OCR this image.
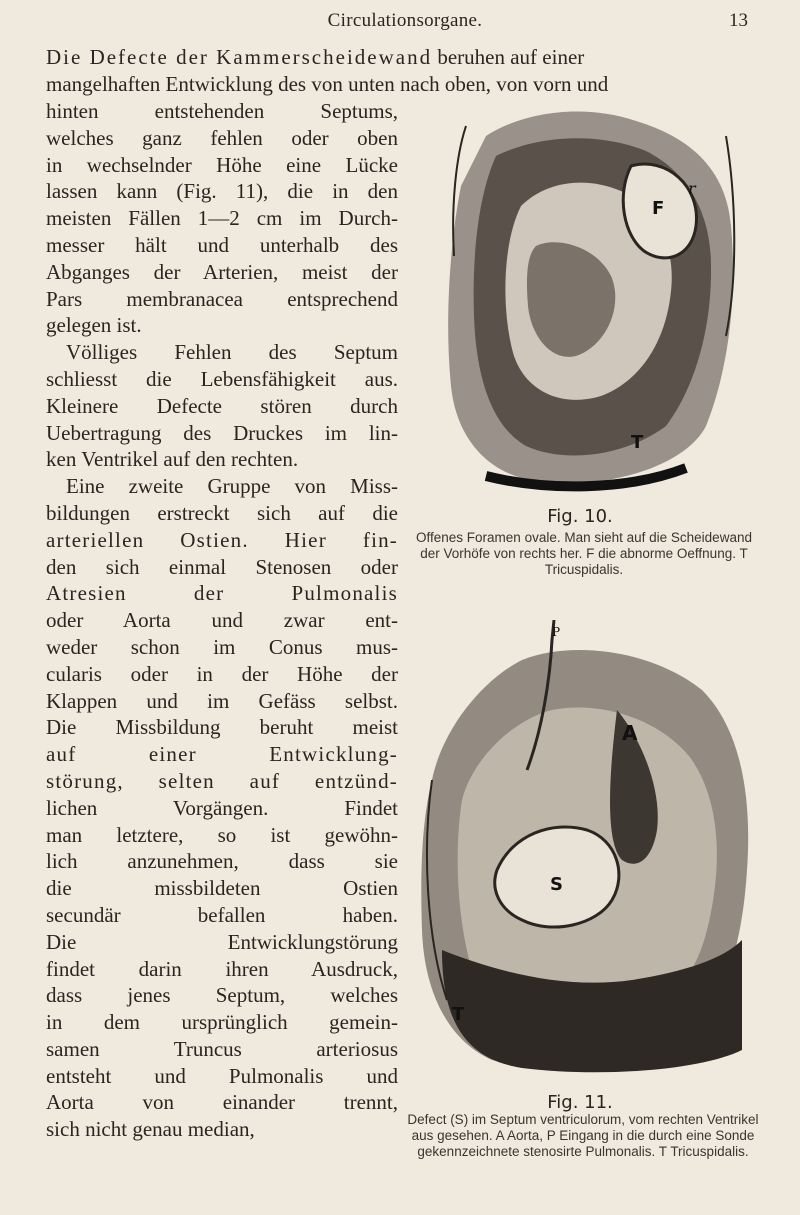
Circulationsorgane.	13
Die Defecte der Kammerscheidewand beruhen auf einer
mangelhaften Entwicklung des von unten nach oben, von vorn und
hinten entstehenden Septums,
welches ganz fehlen oder oben
in wechselnder Höhe eine Lücke
lassen kann (Fig. 11), die in den
meisten Fällen 1—2 cm im Durch-
messer hält und unterhalb des
Abganges der Arterien, meist der
Pars membranacea entsprechend
gelegen ist.
Völliges Fehlen des Septum
schliesst die Lebensfähigkeit aus.
Kleinere Defecte stören durch
Uebertragung des Druckes im lin-
ken Ventrikel auf den rechten.
Eine zweite Gruppe von Miss-
bildungen erstreckt sich auf die
arteriellen Ostien. Hier fin-
den sich einmal Stenosen oder
Atresien der Pulmonalis
oder Aorta und zwar ent-
weder schon im Conus mus-
cularis oder in der Höhe der
Klappen und im Gefäss selbst.
Die Missbildung beruht meist
auf einer Entwicklung-
störung, selten auf entzünd-
lichen Vorgängen. Findet
man letztere, so ist gewöhn-
lich anzunehmen, dass sie
die missbildeten Ostien
secundär befallen haben.
Die Entwicklungstörung
findet darin ihren Ausdruck,
dass jenes Septum, welches
in dem ursprünglich gemein-
samen Truncus arteriosus
entsteht und Pulmonalis und
Aorta von einander trennt,
sich nicht genau median,
F
r
T
Fig. 10.
Offenes Foramen ovale. Man sieht auf die Scheidewand der Vorhöfe von rechts her. F die abnorme Oeffnung. T Tricuspidalis.
A
S
T
P
Fig. 11.
Defect (S) im Septum ventriculorum, vom rechten Ventrikel aus gesehen. A Aorta, P Eingang in die durch eine Sonde gekennzeichnete stenosirte Pulmonalis. T Tricuspidalis.
